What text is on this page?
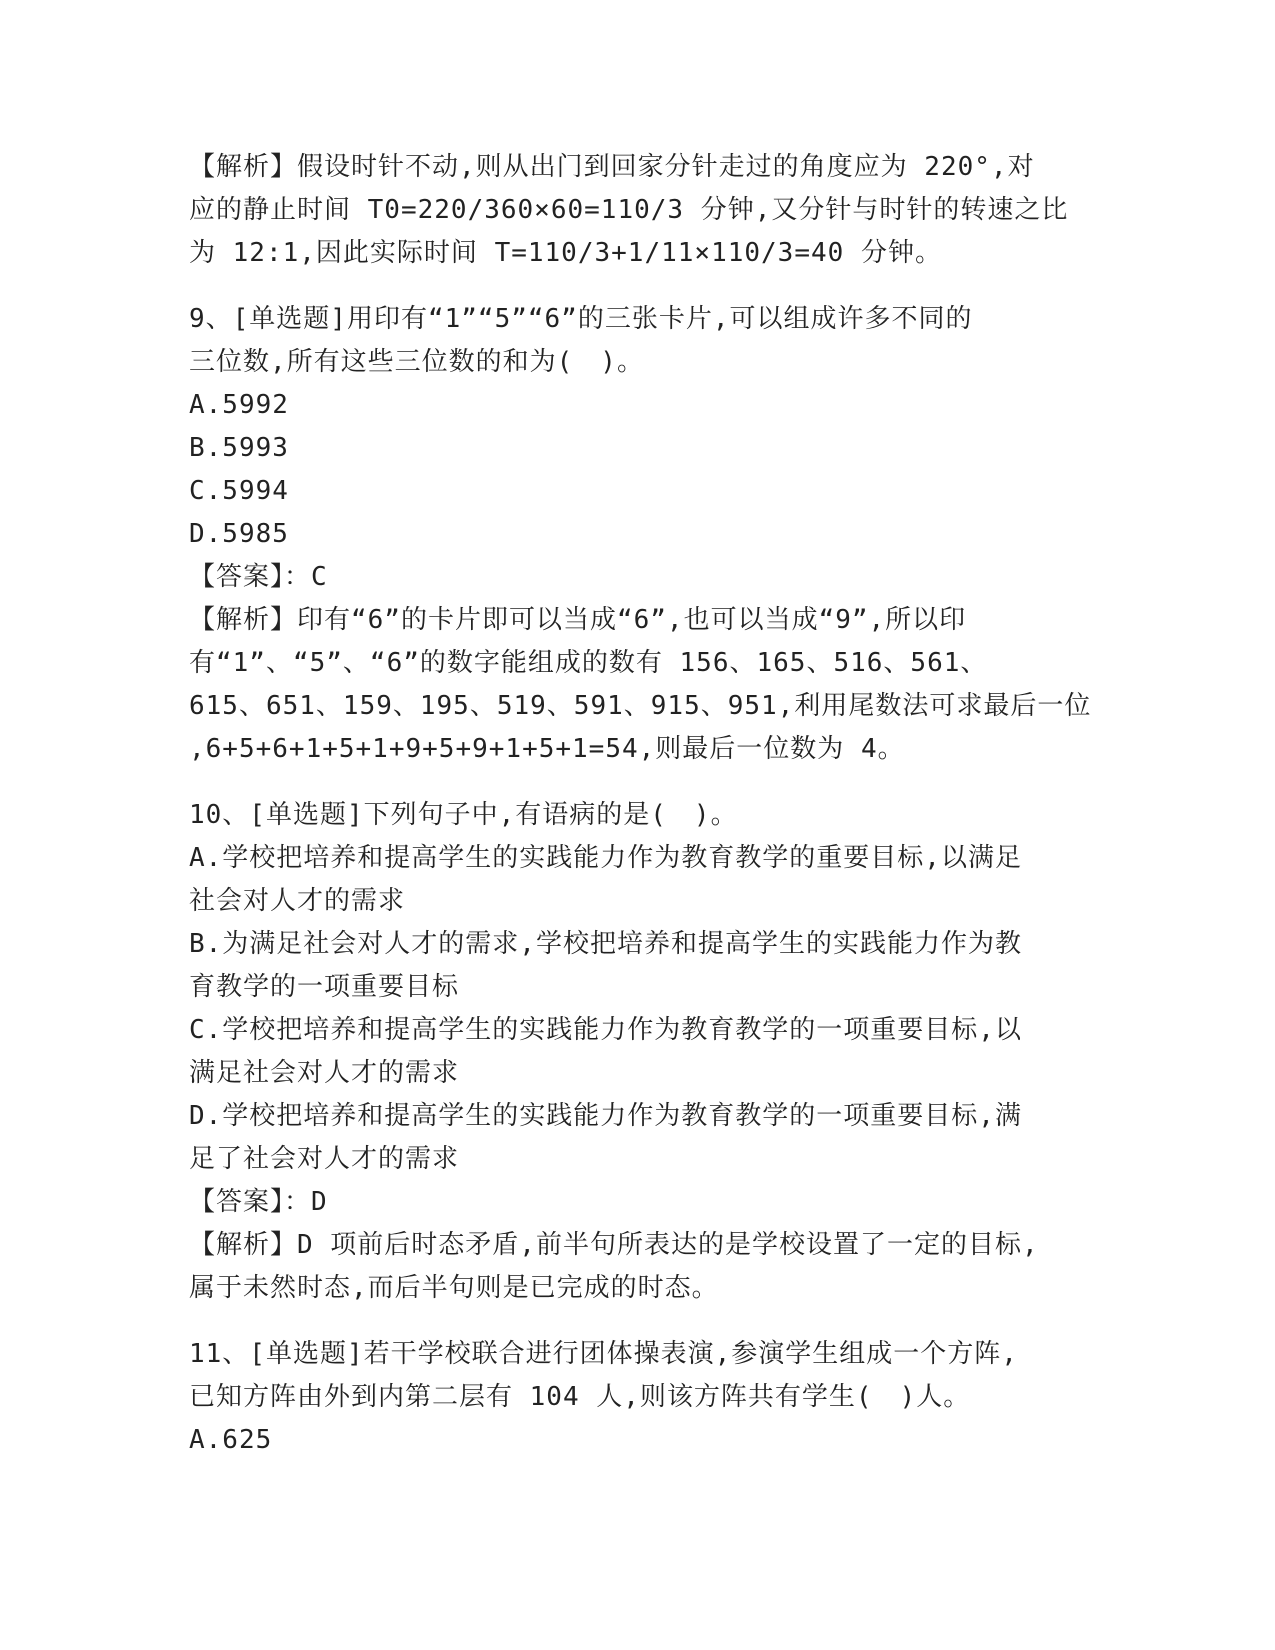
【解析】假设时针不动,则从出门到回家分针走过的角度应为 220°,对
应的静止时间 T0=220/360×60=110/3 分钟,又分针与时针的转速之比
为 12:1,因此实际时间 T=110/3+1/11×110/3=40 分钟。
9、[单选题]用印有“1”“5”“6”的三张卡片,可以组成许多不同的
三位数,所有这些三位数的和为(　)。
A.5992
B.5993
C.5994
D.5985
【答案】：C
【解析】印有“6”的卡片即可以当成“6”,也可以当成“9”,所以印
有“1”、“5”、“6”的数字能组成的数有 156、165、516、561、
615、651、159、195、519、591、915、951,利用尾数法可求最后一位
,6+5+6+1+5+1+9+5+9+1+5+1=54,则最后一位数为 4。
10、[单选题]下列句子中,有语病的是(　)。
A.学校把培养和提高学生的实践能力作为教育教学的重要目标,以满足
社会对人才的需求
B.为满足社会对人才的需求,学校把培养和提高学生的实践能力作为教
育教学的一项重要目标
C.学校把培养和提高学生的实践能力作为教育教学的一项重要目标,以
满足社会对人才的需求
D.学校把培养和提高学生的实践能力作为教育教学的一项重要目标,满
足了社会对人才的需求
【答案】：D
【解析】D 项前后时态矛盾,前半句所表达的是学校设置了一定的目标,
属于未然时态,而后半句则是已完成的时态。
11、[单选题]若干学校联合进行团体操表演,参演学生组成一个方阵,
已知方阵由外到内第二层有 104 人,则该方阵共有学生(　)人。
A.625
